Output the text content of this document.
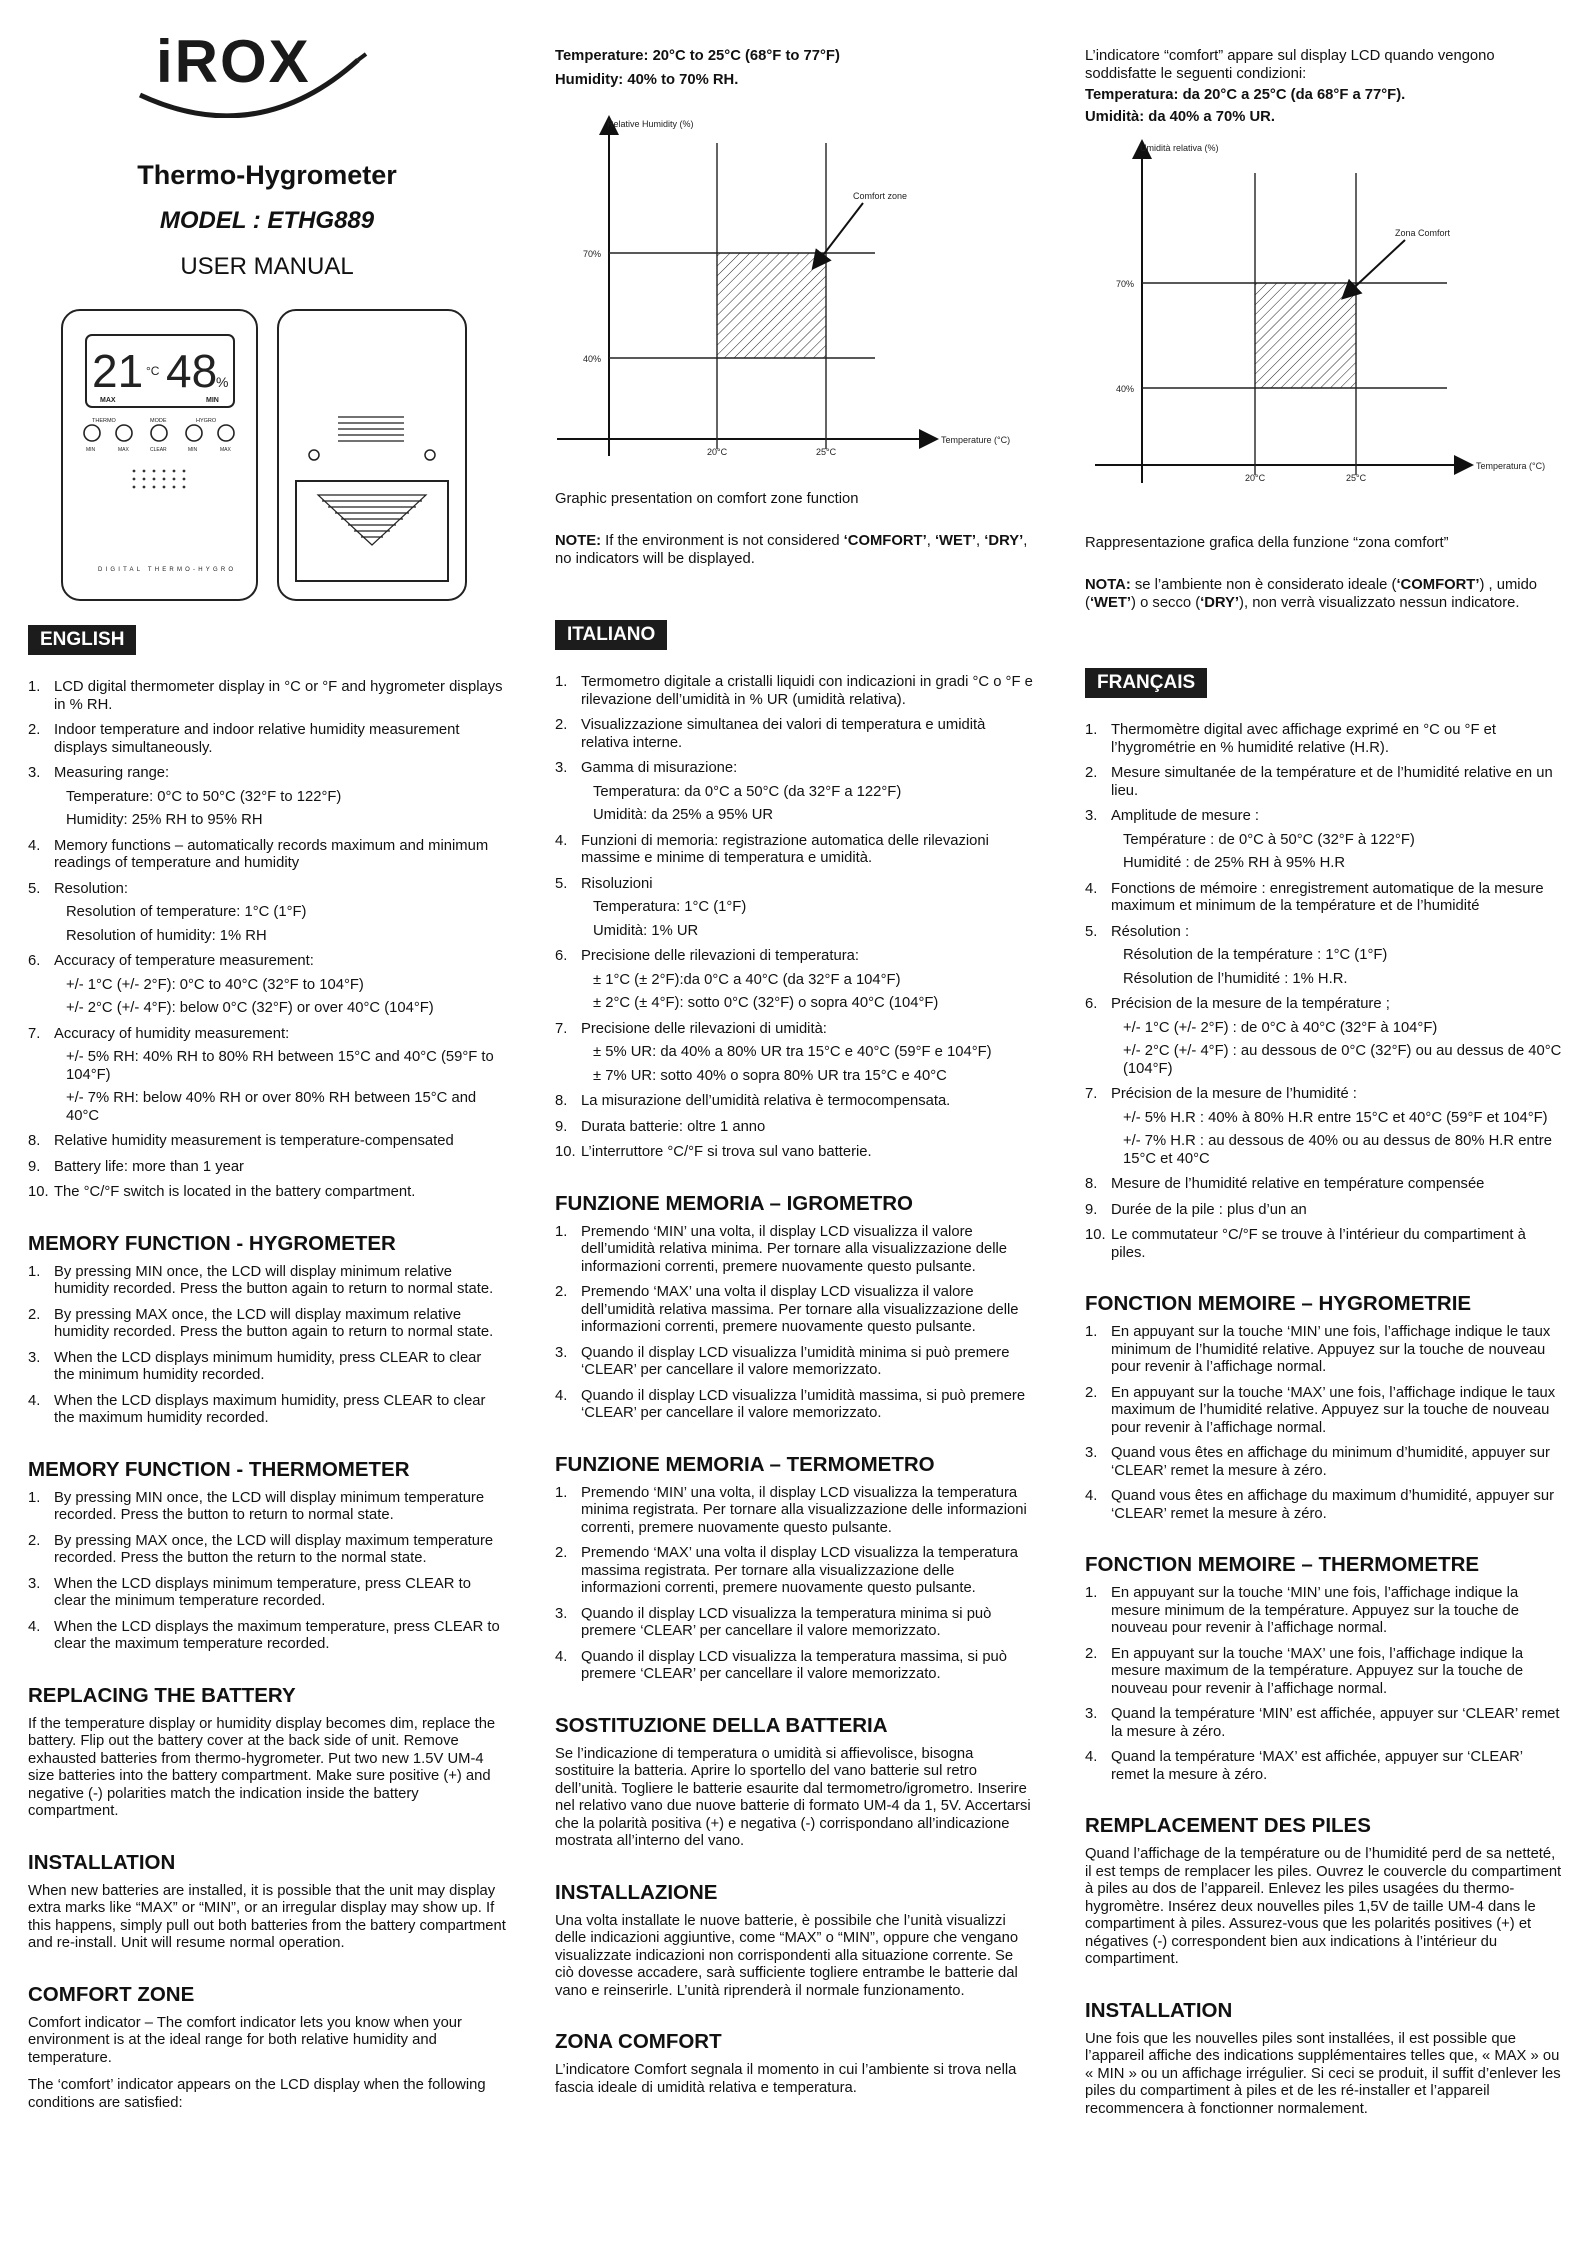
iROX
Thermo-Hygrometer
MODEL : ETHG889
USER MANUAL
21 °C 48
%
MAX	MIN
THERMO	MODE	HYGRO
MIN	MAX	CLEAR	MIN	MAX
DIGITAL THERMO-HYGRO
ENGLISH
1. LCD digital thermometer display in °C or °F and hygrometer displays in % RH.
2. Indoor temperature and indoor relative humidity measurement displays simultaneously.
3. Measuring range:
Temperature: 0°C to 50°C (32°F to 122°F)
Humidity: 25% RH to 95% RH
4. Memory functions – automatically records maximum and minimum readings of temperature and humidity
5. Resolution:
Resolution of temperature: 1°C (1°F)
Resolution of humidity: 1% RH
6. Accuracy of temperature measurement:
+/- 1°C (+/- 2°F): 0°C to 40°C (32°F to 104°F)
+/- 2°C (+/- 4°F): below 0°C (32°F) or over 40°C (104°F)
7. Accuracy of humidity measurement:
+/- 5% RH: 40% RH to 80% RH between 15°C and 40°C (59°F to 104°F)
+/- 7% RH: below 40% RH or over 80% RH between 15°C and 40°C
8. Relative humidity measurement is temperature-compensated
9. Battery life: more than 1 year
10. The °C/°F switch is located in the battery compartment.
MEMORY FUNCTION - HYGROMETER
1. By pressing MIN once, the LCD will display minimum relative humidity recorded. Press the button again to return to normal state.
2. By pressing MAX once, the LCD will display maximum relative humidity recorded. Press the button again to return to normal state.
3. When the LCD displays minimum humidity, press CLEAR to clear the minimum humidity recorded.
4. When the LCD displays maximum humidity, press CLEAR to clear the maximum humidity recorded.
MEMORY FUNCTION - THERMOMETER
1. By pressing MIN once, the LCD will display minimum temperature recorded. Press the button to return to normal state.
2. By pressing MAX once, the LCD will display maximum temperature recorded. Press the button the return to the normal state.
3. When the LCD displays minimum temperature, press CLEAR to clear the minimum temperature recorded.
4. When the LCD displays the maximum temperature, press CLEAR to clear the maximum temperature recorded.
REPLACING THE BATTERY

If the temperature display or humidity display becomes dim, replace the battery. Flip out the battery cover at the back side of unit. Remove exhausted batteries from thermo-hygrometer. Put two new 1.5V UM-4 size batteries into the battery compartment. Make sure positive (+) and negative (-) polarities match the indication inside the battery compartment.

INSTALLATION

When new batteries are installed, it is possible that the unit may display extra marks like “MAX” or “MIN”, or an irregular display may show up. If this happens, simply pull out both batteries from the battery compartment and re-install. Unit will resume normal operation.

COMFORT ZONE

Comfort indicator – The comfort indicator lets you know when your environment is at the ideal range for both relative humidity and temperature.

The ‘comfort’ indicator appears on the LCD display when the following conditions are satisfied:

Temperature: 20°C to 25°C (68°F to 77°F)
Humidity: 40% to 70% RH.
Relative Humidity (%)
Temperature (°C)
70%
40%
20°C	25°C
Comfort zone

Graphic presentation on comfort zone function

NOTE: If the environment is not considered ‘COMFORT’, ‘WET’, ‘DRY’, no indicators will be displayed.
ITALIANO
1. Termometro digitale a cristalli liquidi con indicazioni in gradi °C o °F e rilevazione dell’umidità in % UR (umidità relativa).
2. Visualizzazione simultanea dei valori di temperatura e umidità relativa interne.
3. Gamma di misurazione:
Temperatura: da 0°C a 50°C (da 32°F a 122°F)
Umidità: da 25% a 95% UR
4. Funzioni di memoria: registrazione automatica delle rilevazioni massime e minime di temperatura e umidità.
5. Risoluzioni
Temperatura: 1°C (1°F)
Umidità: 1% UR
6. Precisione delle rilevazioni di temperatura:
± 1°C (± 2°F):da 0°C a 40°C (da 32°F a 104°F)
± 2°C (± 4°F): sotto 0°C (32°F) o sopra 40°C (104°F)
7. Precisione delle rilevazioni di umidità:
± 5% UR: da 40% a 80% UR tra 15°C e 40°C (59°F e 104°F)
± 7% UR: sotto 40% o sopra 80% UR tra 15°C e 40°C
8. La misurazione dell’umidità relativa è termocompensata.
9. Durata batterie: oltre 1 anno
10. L’interruttore °C/°F si trova sul vano batterie.
FUNZIONE MEMORIA – IGROMETRO
1. Premendo ‘MIN’ una volta, il display LCD visualizza il valore dell’umidità relativa minima. Per tornare alla visualizzazione delle informazioni correnti, premere nuovamente questo pulsante.
2. Premendo ‘MAX’ una volta il display LCD visualizza il valore dell’umidità relativa massima. Per tornare alla visualizzazione delle informazioni correnti, premere nuovamente questo pulsante.
3. Quando il display LCD visualizza l’umidità minima si può premere ‘CLEAR’ per cancellare il valore memorizzato.
4. Quando il display LCD visualizza l’umidità massima, si può premere ‘CLEAR’ per cancellare il valore memorizzato.
FUNZIONE MEMORIA – TERMOMETRO
1. Premendo ‘MIN’ una volta, il display LCD visualizza la temperatura minima registrata. Per tornare alla visualizzazione delle informazioni correnti, premere nuovamente questo pulsante.
2. Premendo ‘MAX’ una volta il display LCD visualizza la temperatura massima registrata. Per tornare alla visualizzazione delle informazioni correnti, premere nuovamente questo pulsante.
3. Quando il display LCD visualizza la temperatura minima si può premere ‘CLEAR’ per cancellare il valore memorizzato.
4. Quando il display LCD visualizza la temperatura massima, si può premere ‘CLEAR’ per cancellare il valore memorizzato.
SOSTITUZIONE DELLA BATTERIA

Se l’indicazione di temperatura o umidità si affievolisce, bisogna sostituire la batteria. Aprire lo sportello del vano batterie sul retro dell’unità. Togliere le batterie esaurite dal termometro/igrometro. Inserire nel relativo vano due nuove batterie di formato UM-4 da 1, 5V. Accertarsi che la polarità positiva (+) e negativa (-) corrispondano all’indicazione mostrata all’interno del vano.

INSTALLAZIONE

Una volta installate le nuove batterie, è possibile che l’unità visualizzi delle indicazioni aggiuntive, come “MAX” o “MIN”, oppure che vengano visualizzate indicazioni non corrispondenti alla situazione corrente. Se ciò dovesse accadere, sarà sufficiente togliere entrambe le batterie dal vano e reinserirle. L’unità riprenderà il normale funzionamento.

ZONA COMFORT

L’indicatore Comfort segnala il momento in cui l’ambiente si trova nella fascia ideale di umidità relativa e temperatura.

L’indicatore “comfort” appare sul display LCD quando vengono soddisfatte le seguenti condizioni:

Temperatura: da 20°C a 25°C (da 68°F a 77°F).
Umidità: da 40% a 70% UR.
Umidità relativa (%)
Temperatura (°C)
70%
40%
20°C	25°C
Zona Comfort

Rappresentazione grafica della funzione “zona comfort”

NOTA: se l’ambiente non è considerato ideale (‘COMFORT’) , umido (‘WET’) o secco (‘DRY’), non verrà visualizzato nessun indicatore.
FRANÇAIS
1. Thermomètre digital avec affichage exprimé en °C ou °F et l’hygrométrie en % humidité relative (H.R).
2. Mesure simultanée de la température et de l’humidité relative en un lieu.
3. Amplitude de mesure :
Température : de 0°C à 50°C (32°F à 122°F)
Humidité : de 25% RH à 95% H.R
4. Fonctions de mémoire : enregistrement automatique de la mesure maximum et minimum de la température et de l’humidité
5. Résolution :
Résolution de la température : 1°C (1°F)
Résolution de l’humidité : 1% H.R.
6. Précision de la mesure de la température ;
+/- 1°C (+/- 2°F) : de 0°C à 40°C (32°F à 104°F)
+/- 2°C (+/- 4°F) : au dessous de 0°C (32°F) ou au dessus de 40°C (104°F)
7. Précision de la mesure de l’humidité :
+/- 5% H.R : 40% à 80% H.R entre 15°C et 40°C (59°F et 104°F)
+/- 7% H.R : au dessous de 40% ou au dessus de 80% H.R entre 15°C et 40°C
8. Mesure de l’humidité relative en température compensée
9. Durée de la pile : plus d’un an
10. Le commutateur °C/°F se trouve à l’intérieur du compartiment à piles.
FONCTION MEMOIRE – HYGROMETRIE
1. En appuyant sur la touche ‘MIN’ une fois, l’affichage indique le taux minimum de l’humidité relative. Appuyez sur la touche de nouveau pour revenir à l’affichage normal.
2. En appuyant sur la touche ‘MAX’ une fois, l’affichage indique le taux maximum de l’humidité relative. Appuyez sur la touche de nouveau pour revenir à l’affichage normal.
3. Quand vous êtes en affichage du minimum d’humidité, appuyer sur ‘CLEAR’ remet la mesure à zéro.
4. Quand vous êtes en affichage du maximum d’humidité, appuyer sur ‘CLEAR’ remet la mesure à zéro.
FONCTION MEMOIRE – THERMOMETRE
1. En appuyant sur la touche ‘MIN’ une fois, l’affichage indique la mesure minimum de la température. Appuyez sur la touche de nouveau pour revenir à l’affichage normal.
2. En appuyant sur la touche ‘MAX’ une fois, l’affichage indique la mesure maximum de la température. Appuyez sur la touche de nouveau pour revenir à l’affichage normal.
3. Quand la température ‘MIN’ est affichée, appuyer sur ‘CLEAR’ remet la mesure à zéro.
4. Quand la température ‘MAX’ est affichée, appuyer sur ‘CLEAR’ remet la mesure à zéro.
REMPLACEMENT DES PILES

Quand l’affichage de la température ou de l’humidité perd de sa netteté, il est temps de remplacer les piles. Ouvrez le couvercle du compartiment à piles au dos de l’appareil. Enlevez les piles usagées du thermo-hygromètre. Insérez deux nouvelles piles 1,5V de taille UM-4 dans le compartiment à piles. Assurez-vous que les polarités positives (+) et négatives (-) correspondent bien aux indications à l’intérieur du compartiment.

INSTALLATION

Une fois que les nouvelles piles sont installées, il est possible que l’appareil affiche des indications supplémentaires telles que, « MAX » ou « MIN » ou un affichage irrégulier. Si ceci se produit, il suffit d’enlever les piles du compartiment à piles et de les ré-installer et l’appareil recommencera à fonctionner normalement.
